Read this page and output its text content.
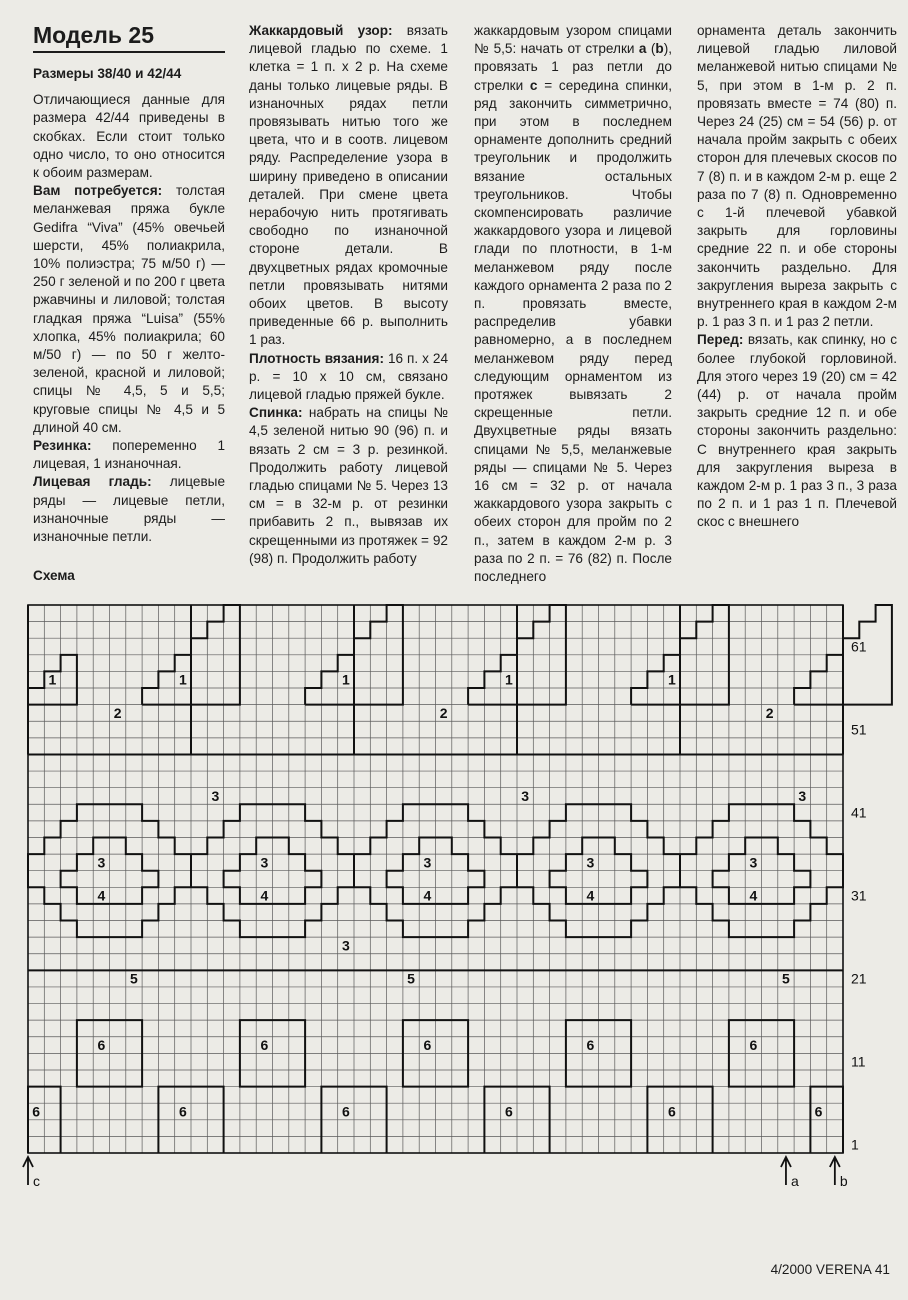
Модель 25

Размеры 38/40 и 42/44

Отличающиеся данные для размера 42/44 приведены в скобках. Если стоит только одно число, то оно относится к обоим размерам.

Вам потребуется: толстая меланжевая пряжа букле Gedifra “Viva” (45% овечьей шерсти, 45% полиакрила, 10% полиэстра; 75 м/50 г) — 250 г зеленой и по 200 г цвета ржавчины и лиловой; толстая гладкая пряжа “Luisa” (55% хлопка, 45% полиакрила; 60 м/50 г) — по 50 г желто-зеленой, красной и лиловой; спицы № 4,5, 5 и 5,5; круговые спицы № 4,5 и 5 длиной 40 см.

Резинка: попеременно 1 лицевая, 1 изнаночная.

Лицевая гладь: лицевые ряды — лицевые петли, изнаночные ряды — изнаночные петли.

Жаккардовый узор: вязать лицевой гладью по схеме. 1 клетка = 1 п. х 2 р. На схеме даны только лицевые ряды. В изнаночных рядах петли провязывать нитью того же цвета, что и в соотв. лицевом ряду. Распределение узора в ширину приведено в описании деталей. При смене цвета нерабочую нить протягивать свободно по изнаночной стороне детали. В двухцветных рядах кромочные петли провязывать нитями обоих цветов. В высоту приведенные 66 р. выполнить 1 раз.

Плотность вязания: 16 п. х 24 р. = 10 х 10 см, связано лицевой гладью пряжей букле.

Спинка: набрать на спицы № 4,5 зеленой нитью 90 (96) п. и вязать 2 см = 3 р. резинкой. Продолжить работу лицевой гладью спицами № 5. Через 13 см = в 32-м р. от резинки прибавить 2 п., вывязав их скрещенными из протяжек = 92 (98) п. Продолжить работу

жаккардовым узором спицами № 5,5: начать от стрелки a (b), провязать 1 раз петли до стрелки c = середина спинки, ряд закончить симметрично, при этом в последнем орнаменте дополнить средний треугольник и продолжить вязание остальных треугольников. Чтобы скомпенсировать различие жаккардового узора и лицевой глади по плотности, в 1-м меланжевом ряду после каждого орнамента 2 раза по 2 п. провязать вместе, распределив убавки равномерно, а в последнем меланжевом ряду перед следующим орнаментом из протяжек вывязать 2 скрещенные петли. Двухцветные ряды вязать спицами № 5,5, меланжевые ряды — спицами № 5. Через 16 см = 32 р. от начала жаккардового узора закрыть с обеих сторон для пройм по 2 п., затем в каждом 2-м р. 3 раза по 2 п. = 76 (82) п. После последнего

орнамента деталь закончить лицевой гладью лиловой меланжевой нитью спицами № 5, при этом в 1-м р. 2 п. провязать вместе = 74 (80) п. Через 24 (25) см = 54 (56) р. от начала пройм закрыть с обеих сторон для плечевых скосов по 7 (8) п. и в каждом 2-м р. еще 2 раза по 7 (8) п. Одновременно с 1-й плечевой убавкой закрыть для горловины средние 22 п. и обе стороны закончить раздельно. Для закругления выреза закрыть с внутреннего края в каждом 2-м р. 1 раз 3 п. и 1 раз 2 петли.

Перед: вязать, как спинку, но с более глубокой горловиной. Для этого через 19 (20) см = 42 (44) р. от начала пройм закрыть средние 12 п. и обе стороны закончить раздельно: С внутреннего края закрыть для закругления выреза в каждом 2-м р. 1 раз 3 п., 3 раза по 2 п. и 1 раз 1 п. Плечевой скос с внешнего

Схема
1	1	1	1	1
2	2	2
3	3	3
3	3	3	3	3
4	4	4	4	4
3
5	5	5
6	6	6	6	6
6	6	6	6	6	6
1
11
21
31
41
51
61
c	a	b
4/2000 VERENA 41
